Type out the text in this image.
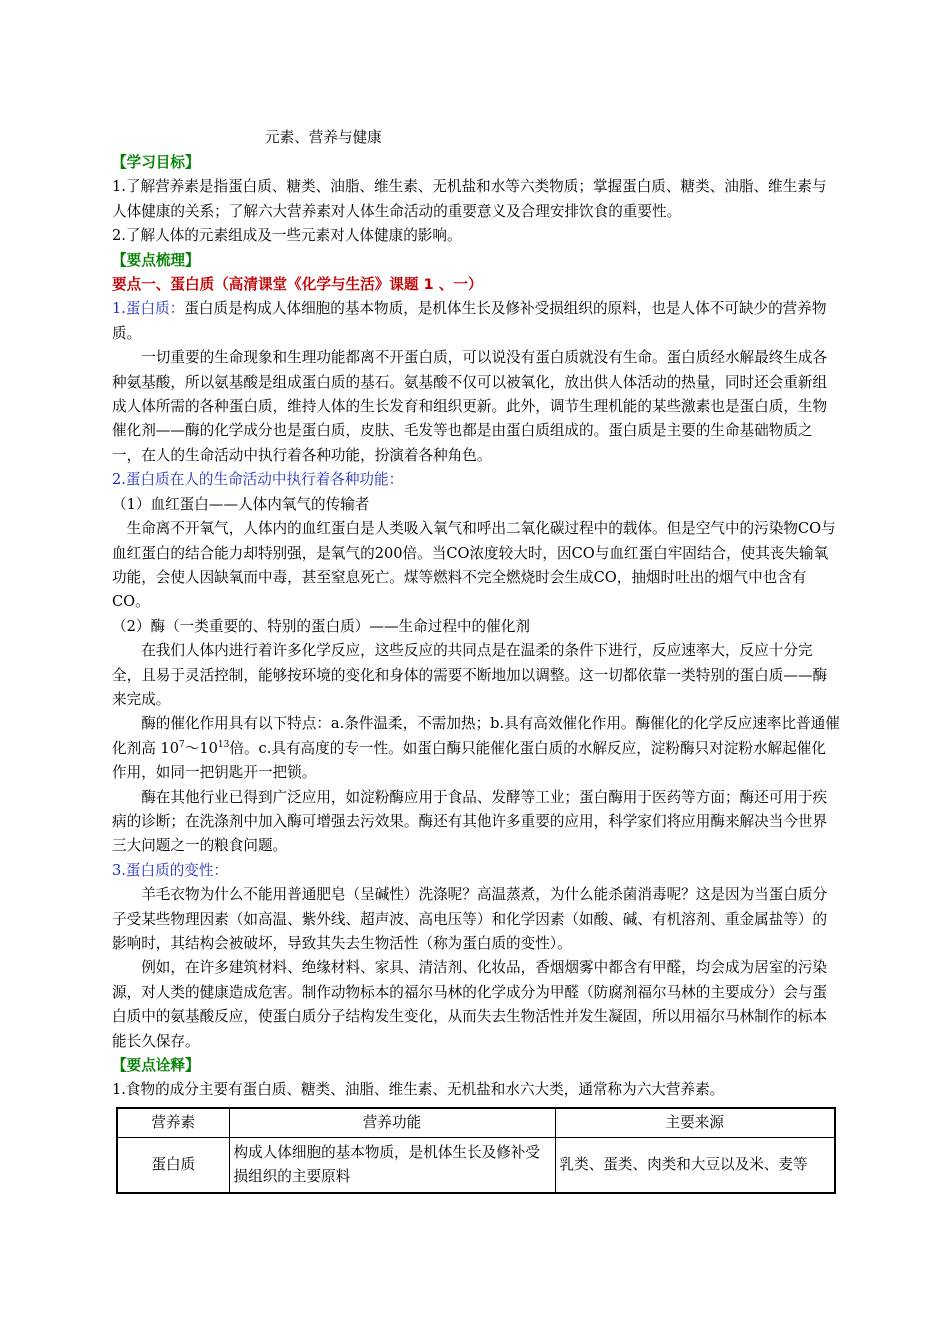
元素、营养与健康

【学习目标】

1.了解营养素是指蛋白质、糖类、油脂、维生素、无机盐和水等六类物质；掌握蛋白质、糖类、油脂、维生素与人体健康的关系；了解六大营养素对人体生命活动的重要意义及合理安排饮食的重要性。

2.了解人体的元素组成及一些元素对人体健康的影响。

【要点梳理】

要点一、蛋白质（高清课堂《化学与生活》课题 1 、一）

1.蛋白质：蛋白质是构成人体细胞的基本物质，是机体生长及修补受损组织的原料，也是人体不可缺少的营养物质。

一切重要的生命现象和生理功能都离不开蛋白质，可以说没有蛋白质就没有生命。蛋白质经水解最终生成各种氨基酸，所以氨基酸是组成蛋白质的基石。氨基酸不仅可以被氧化，放出供人体活动的热量，同时还会重新组成人体所需的各种蛋白质，维持人体的生长发育和组织更新。此外，调节生理机能的某些激素也是蛋白质，生物催化剂——酶的化学成分也是蛋白质，皮肤、毛发等也都是由蛋白质组成的。蛋白质是主要的生命基础物质之一，在人的生命活动中执行着各种功能，扮演着各种角色。

2.蛋白质在人的生命活动中执行着各种功能：

（1）血红蛋白——人体内氧气的传输者

生命离不开氧气，人体内的血红蛋白是人类吸入氧气和呼出二氧化碳过程中的载体。但是空气中的污染物CO与血红蛋白的结合能力却特别强，是氧气的200倍。当CO浓度较大时，因CO与血红蛋白牢固结合，使其丧失输氧功能，会使人因缺氧而中毒，甚至窒息死亡。煤等燃料不完全燃烧时会生成CO，抽烟时吐出的烟气中也含有CO。

（2）酶（一类重要的、特别的蛋白质）——生命过程中的催化剂

在我们人体内进行着许多化学反应，这些反应的共同点是在温柔的条件下进行，反应速率大，反应十分完全，且易于灵活控制，能够按环境的变化和身体的需要不断地加以调整。这一切都依靠一类特别的蛋白质——酶来完成。

酶的催化作用具有以下特点：a.条件温柔，不需加热；b.具有高效催化作用。酶催化的化学反应速率比普通催化剂高 $10^7\sim 10^{13}$倍。c.具有高度的专一性。如蛋白酶只能催化蛋白质的水解反应，淀粉酶只对淀粉水解起催化作用，如同一把钥匙开一把锁。

酶在其他行业已得到广泛应用，如淀粉酶应用于食品、发酵等工业；蛋白酶用于医药等方面；酶还可用于疾病的诊断；在洗涤剂中加入酶可增强去污效果。酶还有其他许多重要的应用，科学家们将应用酶来解决当今世界三大问题之一的粮食问题。

3.蛋白质的变性：

羊毛衣物为什么不能用普通肥皂（呈碱性）洗涤呢？高温蒸煮，为什么能杀菌消毒呢？这是因为当蛋白质分子受某些物理因素（如高温、紫外线、超声波、高电压等）和化学因素（如酸、碱、有机溶剂、重金属盐等）的影响时，其结构会被破坏，导致其失去生物活性（称为蛋白质的变性）。

例如，在许多建筑材料、绝缘材料、家具、清洁剂、化妆品，香烟烟雾中都含有甲醛，均会成为居室的污染源，对人类的健康造成危害。制作动物标本的福尔马林的化学成分为甲醛（防腐剂福尔马林的主要成分）会与蛋白质中的氨基酸反应，使蛋白质分子结构发生变化，从而失去生物活性并发生凝固，所以用福尔马林制作的标本能长久保存。

【要点诠释】

1.食物的成分主要有蛋白质、糖类、油脂、维生素、无机盐和水六大类，通常称为六大营养素。

营养素	营养功能	主要来源
蛋白质	构成人体细胞的基本物质，是机体生长及修补受损组织的主要原料	乳类、蛋类、肉类和大豆以及米、麦等
